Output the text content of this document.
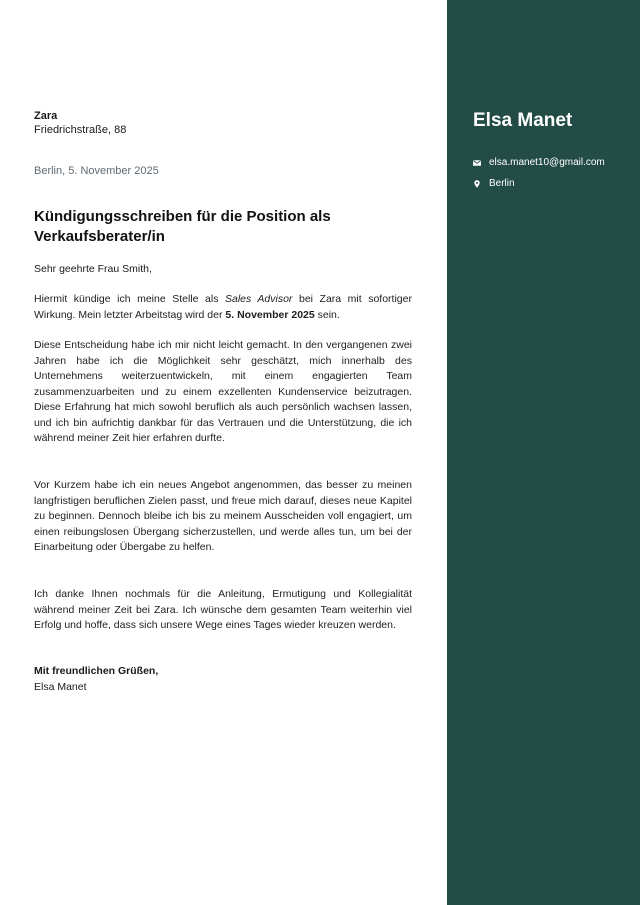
Zara
Friedrichstraße, 88
Berlin, 5. November 2025
Kündigungsschreiben für die Position als Verkaufsberater/in
Sehr geehrte Frau Smith,
Hiermit kündige ich meine Stelle als Sales Advisor bei Zara mit sofortiger Wirkung. Mein letzter Arbeitstag wird der 5. November 2025 sein.
Diese Entscheidung habe ich mir nicht leicht gemacht. In den vergangenen zwei Jahren habe ich die Möglichkeit sehr geschätzt, mich innerhalb des Unternehmens weiterzuentwickeln, mit einem engagierten Team zusammenzuarbeiten und zu einem exzellenten Kundenservice beizutragen. Diese Erfahrung hat mich sowohl beruflich als auch persönlich wachsen lassen, und ich bin aufrichtig dankbar für das Vertrauen und die Unterstützung, die ich während meiner Zeit hier erfahren durfte.
Vor Kurzem habe ich ein neues Angebot angenommen, das besser zu meinen langfristigen beruflichen Zielen passt, und freue mich darauf, dieses neue Kapitel zu beginnen. Dennoch bleibe ich bis zu meinem Ausscheiden voll engagiert, um einen reibungslosen Übergang sicherzustellen, und werde alles tun, um bei der Einarbeitung oder Übergabe zu helfen.
Ich danke Ihnen nochmals für die Anleitung, Ermutigung und Kollegialität während meiner Zeit bei Zara. Ich wünsche dem gesamten Team weiterhin viel Erfolg und hoffe, dass sich unsere Wege eines Tages wieder kreuzen werden.
Mit freundlichen Grüßen,
Elsa Manet
Elsa Manet
elsa.manet10@gmail.com
Berlin
